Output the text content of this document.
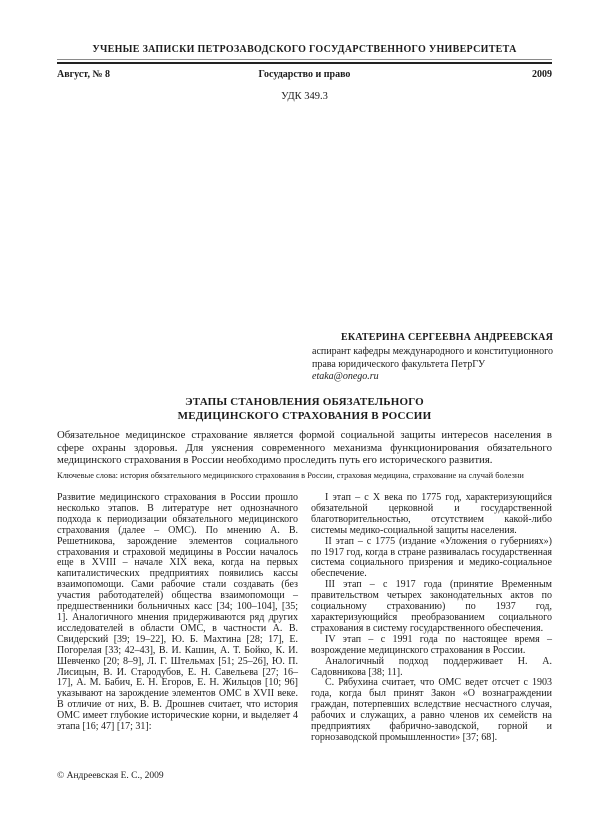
УЧЕНЫЕ ЗАПИСКИ ПЕТРОЗАВОДСКОГО ГОСУДАРСТВЕННОГО УНИВЕРСИТЕТА
Август, № 8	Государство и право	2009
УДК 349.3
ЕКАТЕРИНА СЕРГЕЕВНА АНДРЕЕВСКАЯ
аспирант кафедры международного и конституционного права юридического факультета ПетрГУ
etaka@onego.ru
ЭТАПЫ СТАНОВЛЕНИЯ ОБЯЗАТЕЛЬНОГО
МЕДИЦИНСКОГО СТРАХОВАНИЯ В РОССИИ
Обязательное медицинское страхование является формой социальной защиты интересов населения в сфере охраны здоровья. Для уяснения современного механизма функционирования обязательного медицинского страхования в России необходимо проследить путь его исторического развития.
Ключевые слова: история обязательного медицинского страхования в России, страховая медицина, страхование на случай болезни

Развитие медицинского страхования в России прошло несколько этапов. В литературе нет однозначного подхода к периодизации обязательного медицинского страхования (далее – ОМС). По мнению А. В. Решетникова, зарождение элементов социального страхования и страховой медицины в России началось еще в XVIII – начале XIX века, когда на первых капиталистических предприятиях появились кассы взаимопомощи. Сами рабочие стали создавать (без участия работодателей) общества взаимопомощи – предшественники больничных касс [34; 100–104], [35; 1]. Аналогичного мнения придерживаются ряд других исследователей в области ОМС, в частности А. В. Свидерский [39; 19–22], Ю. Б. Махтина [28; 17], Е. Погорелая [33; 42–43], В. И. Кашин, А. Т. Бойко, К. И. Шевченко [20; 8–9], Л. Г. Штельмах [51; 25–26], Ю. П. Лисицын, В. И. Стародубов, Е. Н. Савельева [27; 16–17], А. М. Бабич, Е. Н. Егоров, Е. Н. Жильцов [10; 96] указывают на зарождение элементов ОМС в XVII веке. В отличие от них, В. В. Дрошнев считает, что история ОМС имеет глубокие исторические корни, и выделяет 4 этапа [16; 47] [17; 31]:

I этап – с X века по 1775 год, характеризующийся обязательной церковной и государственной благотворительностью, отсутствием какой-либо системы медико-социальной защиты населения.

II этап – с 1775 (издание «Уложения о губерниях») по 1917 год, когда в стране развивалась государственная система социального призрения и медико-социальное обеспечение.

III этап – с 1917 года (принятие Временным правительством четырех законодательных актов по социальному страхованию) по 1937 год, характеризующийся преобразованием социального страхования в систему государственного обеспечения.

IV этап – с 1991 года по настоящее время – возрождение медицинского страхования в России.

Аналогичный подход поддерживает Н. А. Садовникова [38; 11].

С. Рябухина считает, что ОМС ведет отсчет с 1903 года, когда был принят Закон «О вознаграждении граждан, потерпевших вследствие несчастного случая, рабочих и служащих, а равно членов их семейств на предприятиях фабрично-заводской, горной и горнозаводской промышленности» [37; 68].

© Андреевская Е. С., 2009
